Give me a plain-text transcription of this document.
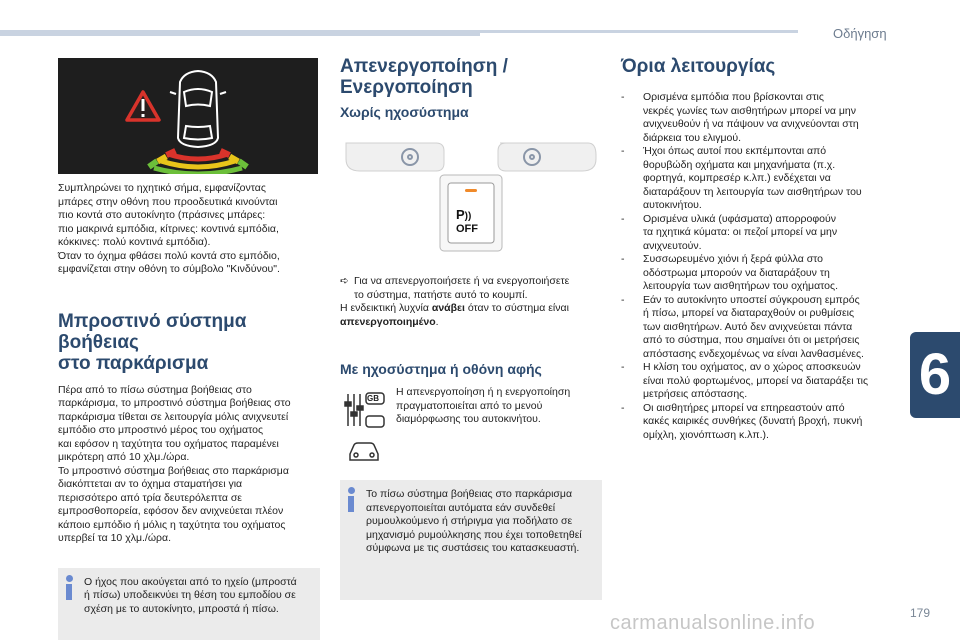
Οδήγηση
6
179
carmanualsonline.info

Συμπληρώνει το ηχητικό σήμα, εμφανίζοντας

μπάρες στην οθόνη που προοδευτικά κινούνται

πιο κοντά στο αυτοκίνητο (πράσινες μπάρες:

πιο μακρινά εμπόδια, κίτρινες: κοντινά εμπόδια,

κόκκινες: πολύ κοντινά εμπόδια).

Όταν το όχημα φθάσει πολύ κοντά στο εμπόδιο,

εμφανίζεται στην οθόνη το σύμβολο "Κινδύνου".

Μπροστινό σύστημα βοήθειας
στο παρκάρισμα

Πέρα από το πίσω σύστημα βοήθειας στο

παρκάρισμα, το μπροστινό σύστημα βοήθειας στο

παρκάρισμα τίθεται σε λειτουργία μόλις ανιχνευτεί

εμπόδιο στο μπροστινό μέρος του οχήματος

και εφόσον η ταχύτητα του οχήματος παραμένει

μικρότερη από 10 χλμ./ώρα.

Το μπροστινό σύστημα βοήθειας στο παρκάρισμα

διακόπτεται αν το όχημα σταματήσει για

περισσότερο από τρία δευτερόλεπτα σε

εμπροσθοπορεία, εφόσον δεν ανιχνεύεται πλέον

κάποιο εμπόδιο ή μόλις η ταχύτητα του οχήματος

υπερβεί τα 10 χλμ./ώρα.

Ο ήχος που ακούγεται από το ηχείο (μπροστά

ή πίσω) υποδεικνύει τη θέση του εμποδίου σε

σχέση με το αυτοκίνητο, μπροστά ή πίσω.

Απενεργοποίηση /
Ενεργοποίηση
Χωρίς ηχοσύστημα
P))
OFF

➪ Για να απενεργοποιήσετε ή να ενεργοποιήσετε

το σύστημα, πατήστε αυτό το κουμπί.

Η ενδεικτική λυχνία ανάβει όταν το σύστημα είναι

απενεργοποιημένο.

Με ηχοσύστημα ή οθόνη αφής
GB

Η απενεργοποίηση ή η ενεργοποίηση

πραγματοποιείται από το μενού

διαμόρφωσης του αυτοκινήτου.

Το πίσω σύστημα βοήθειας στο παρκάρισμα

απενεργοποιείται αυτόματα εάν συνδεθεί

ρυμουλκούμενο ή στήριγμα για ποδήλατο σε

μηχανισμό ρυμούλκησης που έχει τοποθετηθεί

σύμφωνα με τις συστάσεις του κατασκευαστή.

Όρια λειτουργίας
- Ορισμένα εμπόδια που βρίσκονται στις
νεκρές γωνίες των αισθητήρων μπορεί να μην
ανιχνευθούν ή να πάψουν να ανιχνεύονται στη
διάρκεια του ελιγμού.
- Ήχοι όπως αυτοί που εκπέμπονται από
θορυβώδη οχήματα και μηχανήματα (π.χ.
φορτηγά, κομπρεσέρ κ.λπ.) ενδέχεται να
διαταράξουν τη λειτουργία των αισθητήρων του
αυτοκινήτου.
- Ορισμένα υλικά (υφάσματα) απορροφούν
τα ηχητικά κύματα: οι πεζοί μπορεί να μην
ανιχνευτούν.
- Συσσωρευμένο χιόνι ή ξερά φύλλα στο
οδόστρωμα μπορούν να διαταράξουν τη
λειτουργία των αισθητήρων του οχήματος.
- Εάν το αυτοκίνητο υποστεί σύγκρουση εμπρός
ή πίσω, μπορεί να διαταραχθούν οι ρυθμίσεις
των αισθητήρων. Αυτό δεν ανιχνεύεται πάντα
από το σύστημα, που σημαίνει ότι οι μετρήσεις
απόστασης ενδεχομένως να είναι λανθασμένες.
- Η κλίση του οχήματος, αν ο χώρος αποσκευών
είναι πολύ φορτωμένος, μπορεί να διαταράξει τις
μετρήσεις απόστασης.
- Οι αισθητήρες μπορεί να επηρεαστούν από
κακές καιρικές συνθήκες (δυνατή βροχή, πυκνή
ομίχλη, χιονόπτωση κ.λπ.).
